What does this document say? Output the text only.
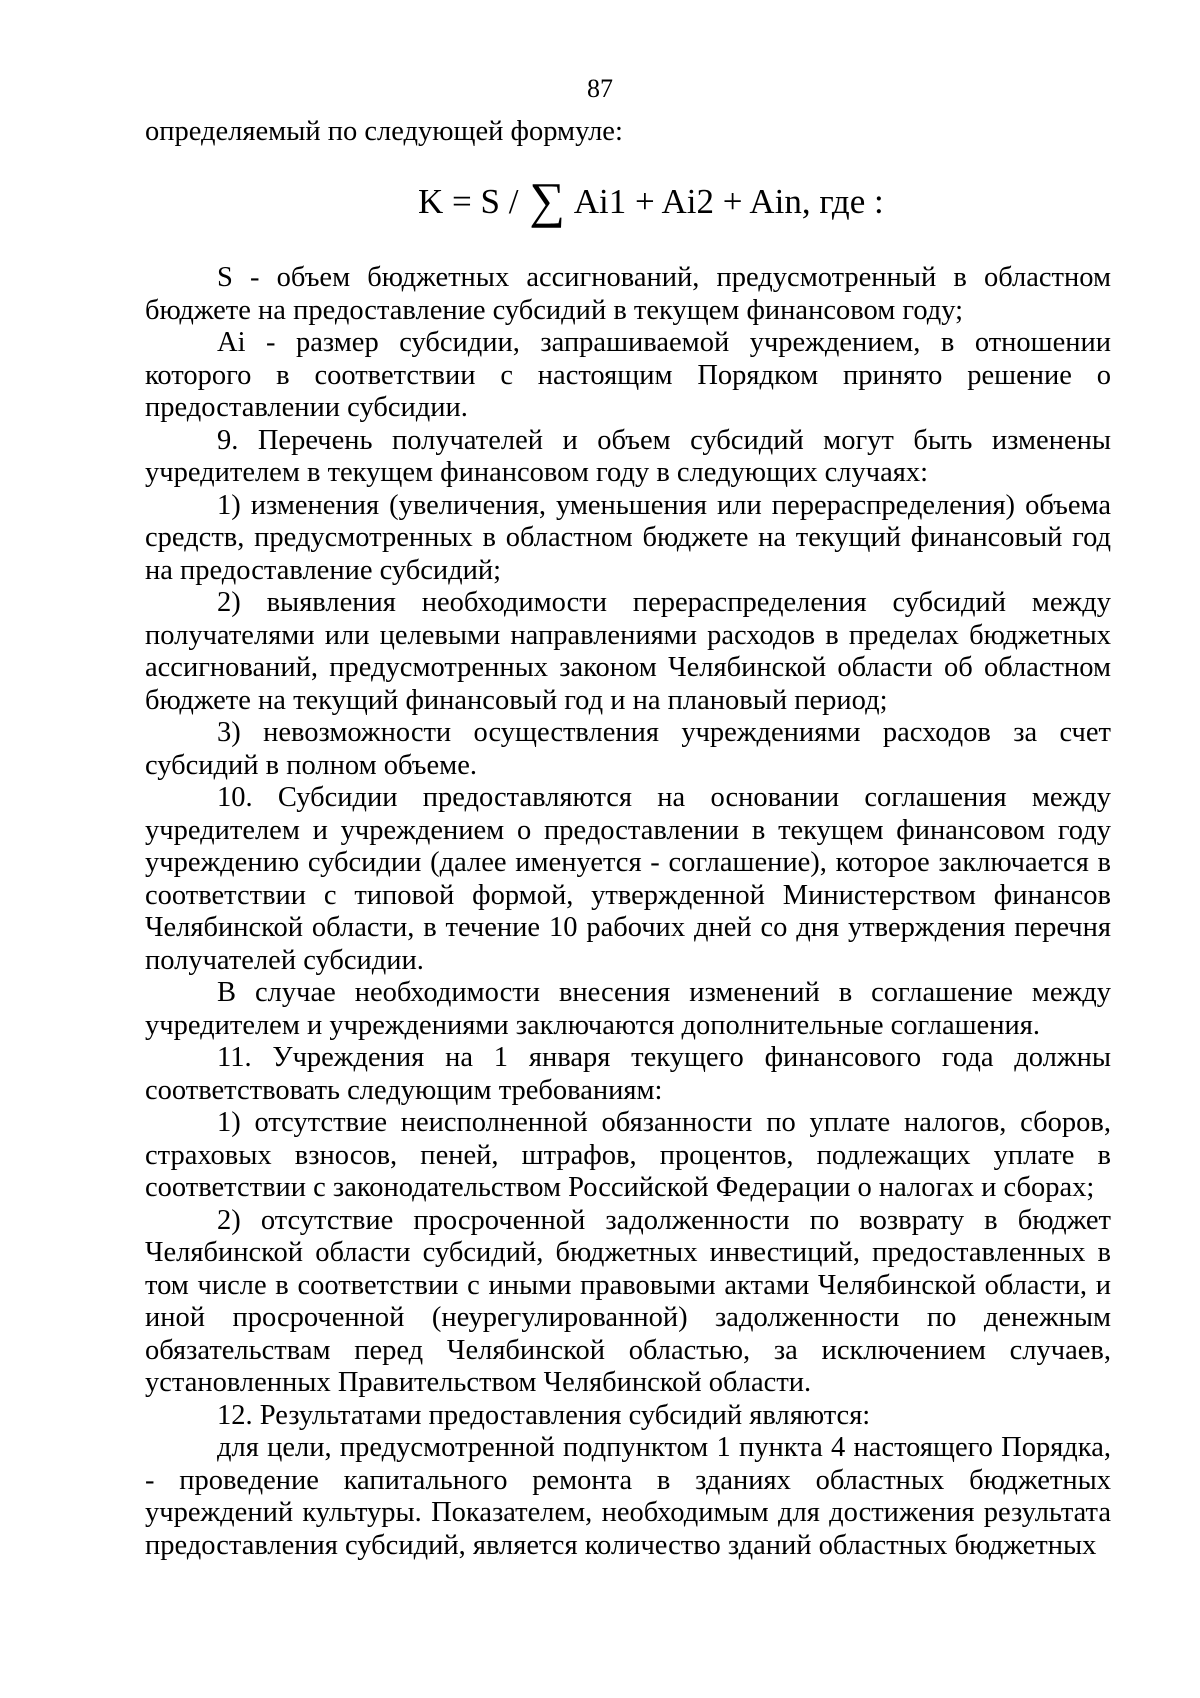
87
определяемый по следующей формуле:
K = S / ∑ Ai1 + Ai2 + Ain, где :

S - объем бюджетных ассигнований, предусмотренный в областном бюджете на предоставление субсидий в текущем финансовом году;

Ai - размер субсидии, запрашиваемой учреждением, в отношении которого в соответствии с настоящим Порядком принято решение о предоставлении субсидии.

9. Перечень получателей и объем субсидий могут быть изменены учредителем в текущем финансовом году в следующих случаях:

1) изменения (увеличения, уменьшения или перераспределения) объема средств, предусмотренных в областном бюджете на текущий финансовый год на предоставление субсидий;

2) выявления необходимости перераспределения субсидий между получателями или целевыми направлениями расходов в пределах бюджетных ассигнований, предусмотренных законом Челябинской области об областном бюджете на текущий финансовый год и на плановый период;

3) невозможности осуществления учреждениями расходов за счет субсидий в полном объеме.

10. Субсидии предоставляются на основании соглашения между учредителем и учреждением о предоставлении в текущем финансовом году учреждению субсидии (далее именуется - соглашение), которое заключается в соответствии с типовой формой, утвержденной Министерством финансов Челябинской области, в течение 10 рабочих дней со дня утверждения перечня получателей субсидии.

В случае необходимости внесения изменений в соглашение между учредителем и учреждениями заключаются дополнительные соглашения.

11. Учреждения на 1 января текущего финансового года должны соответствовать следующим требованиям:

1) отсутствие неисполненной обязанности по уплате налогов, сборов, страховых взносов, пеней, штрафов, процентов, подлежащих уплате в соответствии с законодательством Российской Федерации о налогах и сборах;

2) отсутствие просроченной задолженности по возврату в бюджет Челябинской области субсидий, бюджетных инвестиций, предоставленных в том числе в соответствии с иными правовыми актами Челябинской области, и иной просроченной (неурегулированной) задолженности по денежным обязательствам перед Челябинской областью, за исключением случаев, установленных Правительством Челябинской области.

12. Результатами предоставления субсидий являются:

для цели, предусмотренной подпунктом 1 пункта 4 настоящего Порядка, - проведение капитального ремонта в зданиях областных бюджетных учреждений культуры. Показателем, необходимым для достижения результата предоставления субсидий, является количество зданий областных бюджетных
